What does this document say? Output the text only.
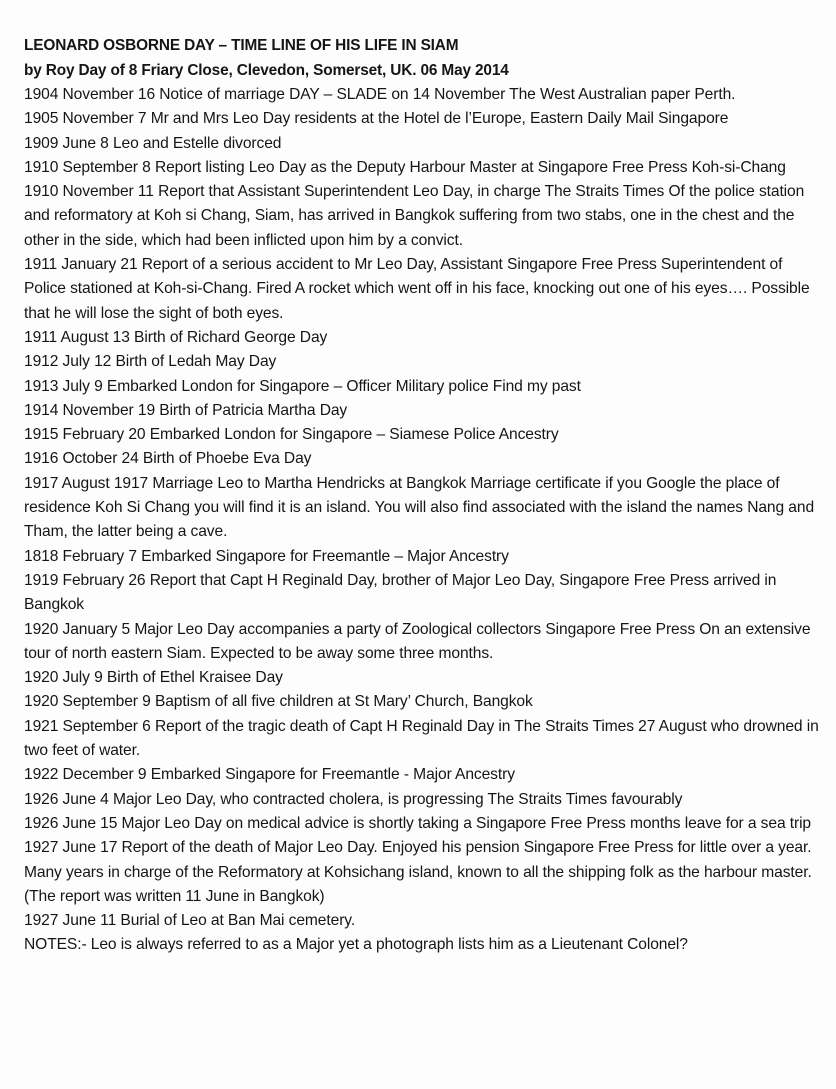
LEONARD OSBORNE DAY – TIME LINE OF HIS LIFE IN SIAM
by Roy Day of 8 Friary Close, Clevedon, Somerset, UK. 06 May 2014
1904 November 16 Notice of marriage DAY – SLADE on 14 November The West Australian paper Perth.
1905 November 7 Mr and Mrs Leo Day residents at the Hotel de l’Europe, Eastern Daily Mail Singapore
1909 June 8 Leo and Estelle divorced
1910 September 8 Report listing Leo Day as the Deputy Harbour Master at Singapore Free Press Koh-si-Chang
1910 November 11 Report that Assistant Superintendent Leo Day, in charge The Straits Times Of the police station and reformatory at Koh si Chang, Siam, has arrived in Bangkok suffering from two stabs, one in the chest and the other in the side, which had been inflicted upon him by a convict.
1911 January 21 Report of a serious accident to Mr Leo Day, Assistant Singapore Free Press Superintendent of Police stationed at Koh-si-Chang. Fired A rocket which went off in his face, knocking out one of his eyes…. Possible that he will lose the sight of both eyes.
1911 August 13 Birth of Richard George Day
1912 July 12 Birth of Ledah May Day
1913 July 9 Embarked London for Singapore – Officer Military police Find my past
1914 November 19 Birth of Patricia Martha Day
1915 February 20 Embarked London for Singapore – Siamese Police Ancestry
1916 October 24 Birth of Phoebe Eva Day
1917 August 1917 Marriage Leo to Martha Hendricks at Bangkok Marriage certificate if you Google the place of residence Koh Si Chang you will find it is an island. You will also find associated with the island the names Nang and Tham, the latter being a cave.
1818 February 7 Embarked Singapore for Freemantle – Major Ancestry
1919 February 26 Report that Capt H Reginald Day, brother of Major Leo Day, Singapore Free Press arrived in Bangkok
1920 January 5 Major Leo Day accompanies a party of Zoological collectors Singapore Free Press On an extensive tour of north eastern Siam. Expected to be away some three months.
1920 July 9 Birth of Ethel Kraisee Day
1920 September 9 Baptism of all five children at St Mary’ Church, Bangkok
1921 September 6 Report of the tragic death of Capt H Reginald Day in The Straits Times 27 August who drowned in two feet of water.
1922 December 9 Embarked Singapore for Freemantle - Major Ancestry
1926 June 4 Major Leo Day, who contracted cholera, is progressing The Straits Times favourably
1926 June 15 Major Leo Day on medical advice is shortly taking a Singapore Free Press months leave for a sea trip
1927 June 17 Report of the death of Major Leo Day. Enjoyed his pension Singapore Free Press for little over a year. Many years in charge of the Reformatory at Kohsichang island, known to all the shipping folk as the harbour master. (The report was written 11 June in Bangkok)
1927 June 11 Burial of Leo at Ban Mai cemetery.
NOTES:- Leo is always referred to as a Major yet a photograph lists him as a Lieutenant Colonel?
